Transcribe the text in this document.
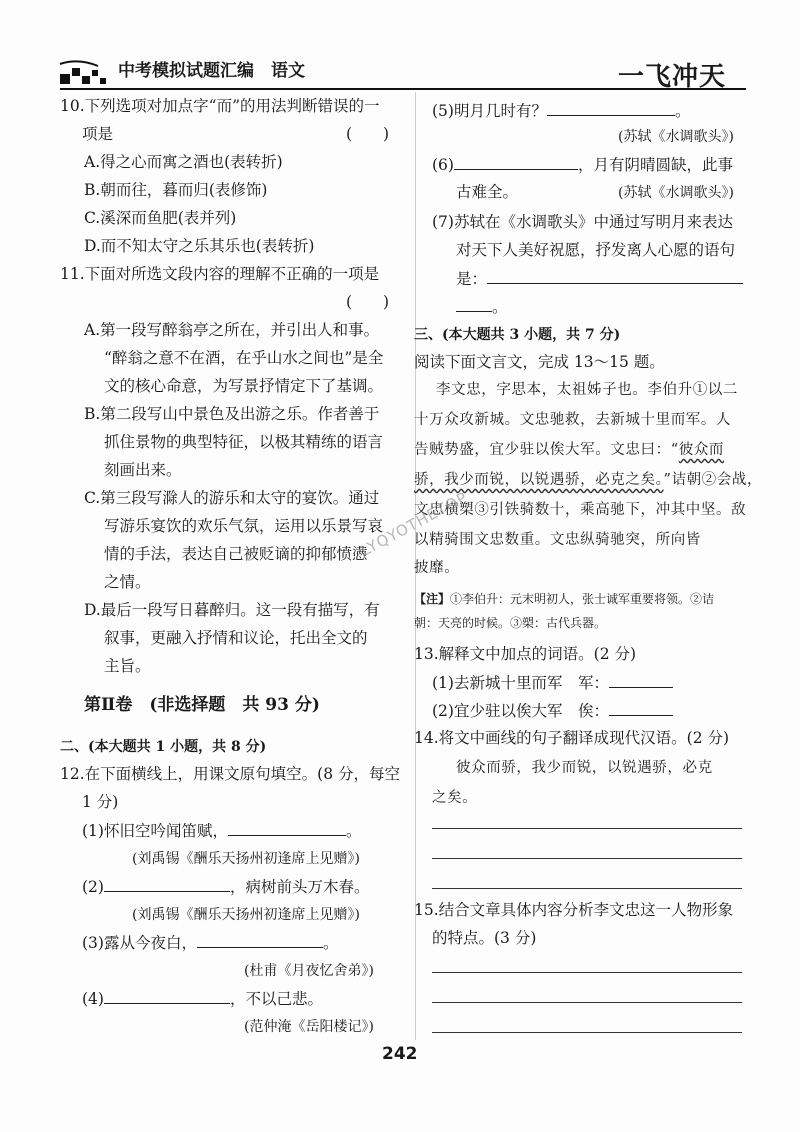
中考模拟试题汇编　语文	一飞冲天
10.下列选项对加点字“而”的用法判断错误的一
项是	(　　)
A.得之心而寓之酒也(表转折)
B.朝而往，暮而归(表修饰)
C.溪深而鱼肥(表并列)
D.而不知太守之乐其乐也(表转折)
11.下面对所选文段内容的理解不正确的一项是
(　　)
A.第一段写醉翁亭之所在，并引出人和事。
“醉翁之意不在酒，在乎山水之间也”是全
文的核心命意，为写景抒情定下了基调。
B.第二段写山中景色及出游之乐。作者善于
抓住景物的典型特征，以极其精练的语言
刻画出来。
C.第三段写滁人的游乐和太守的宴饮。通过
写游乐宴饮的欢乐气氛，运用以乐景写哀
情的手法，表达自己被贬谪的抑郁愤懑
之情。
D.最后一段写日暮醉归。这一段有描写，有
叙事，更融入抒情和议论，托出全文的
主旨。
第Ⅱ卷　(非选择题　共 93 分)
二、(本大题共 1 小题，共 8 分)
12.在下面横线上，用课文原句填空。(8 分，每空
1 分)
(1)怀旧空吟闻笛赋，	。
(刘禹锡《酬乐天扬州初逢席上见赠》)
(2)	，病树前头万木春。
(刘禹锡《酬乐天扬州初逢席上见赠》)
(3)露从今夜白，	。
(杜甫《月夜忆舍弟》)
(4)	，不以己悲。
(范仲淹《岳阳楼记》)
(5)明月几时有？	。
(苏轼《水调歌头》)
(6)	，月有阴晴圆缺，此事
古难全。	(苏轼《水调歌头》)
(7)苏轼在《水调歌头》中通过写明月来表达
对天下人美好祝愿，抒发离人心愿的语句
是：
。
三、(本大题共 3 小题，共 7 分)
阅读下面文言文，完成 13～15 题。
李文忠，字思本，太祖姊子也。李伯升①以二
十万众攻新城。文忠驰救，去新城十里而军。人
告贼势盛，宜少驻以俟大军。文忠曰：“彼众而
骄，我少而锐，以锐遇骄，必克之矣。”诘朝②会战，
文忠横槊③引铁骑数十，乘高驰下，冲其中坚。敌
以精骑围文忠数重。文忠纵骑驰突，所向皆
披靡。
【注】①李伯升：元末明初人，张士诚军重要将领。②诘
朝：天亮的时候。③槊：古代兵器。
LYQYOTHETOP
13.解释文中加点的词语。(2 分)
(1)去新城十里而军　军：
(2)宜少驻以俟大军　俟：
14.将文中画线的句子翻译成现代汉语。(2 分)
彼众而骄，我少而锐，以锐遇骄，必克
之矣。
15.结合文章具体内容分析李文忠这一人物形象
的特点。(3 分)
242
